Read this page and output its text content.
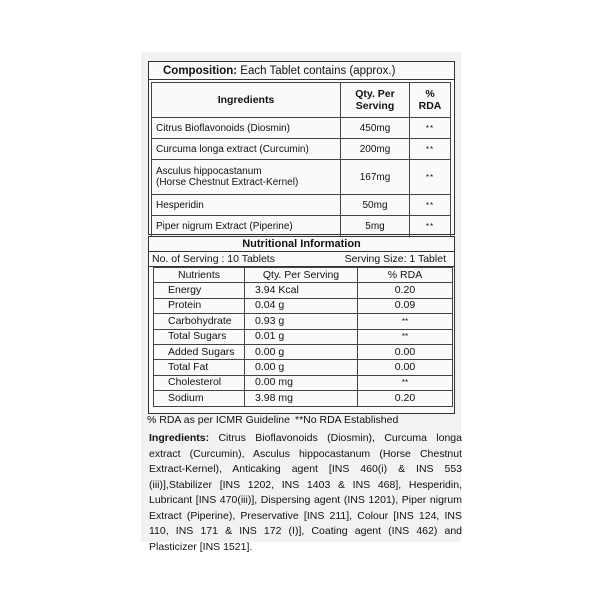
Composition: Each Tablet contains (approx.)
Ingredients	Qty. Per Serving	% RDA
Citrus Bioflavonoids (Diosmin)	450mg	**
Curcuma longa extract (Curcumin)	200mg	**

Asculus hippocastanum
(Horse Chestnut Extract-Kernel)	167mg	**
Hesperidin	50mg	**
Piper nigrum Extract (Piperine)	5mg	**
Nutritional Information
No. of Serving : 10 Tablets	Serving Size: 1 Tablet
Nutrients	Qty. Per Serving	% RDA
Energy	3.94 Kcal	0.20
Protein	0.04 g	0.09
Carbohydrate	0.93 g	**
Total Sugars	0.01 g	**
Added Sugars	0.00 g	0.00
Total Fat	0.00 g	0.00
Cholesterol	0.00 mg	**
Sodium	3.98 mg	0.20
% RDA as per ICMR Guideline **No RDA Established
Ingredients: Citrus Bioflavonoids (Diosmin), Curcuma longa extract (Curcumin), Asculus hippocastanum (Horse Chestnut Extract-Kernel), Anticaking agent [INS 460(i) & INS 553 (iii)],Stabilizer [INS 1202, INS 1403 & INS 468], Hesperidin, Lubricant [INS 470(iii)], Dispersing agent (INS 1201), Piper nigrum Extract (Piperine), Preservative [INS 211], Colour [INS 124, INS 110, INS 171 & INS 172 (I)], Coating agent (INS 462) and Plasticizer [INS 1521].
